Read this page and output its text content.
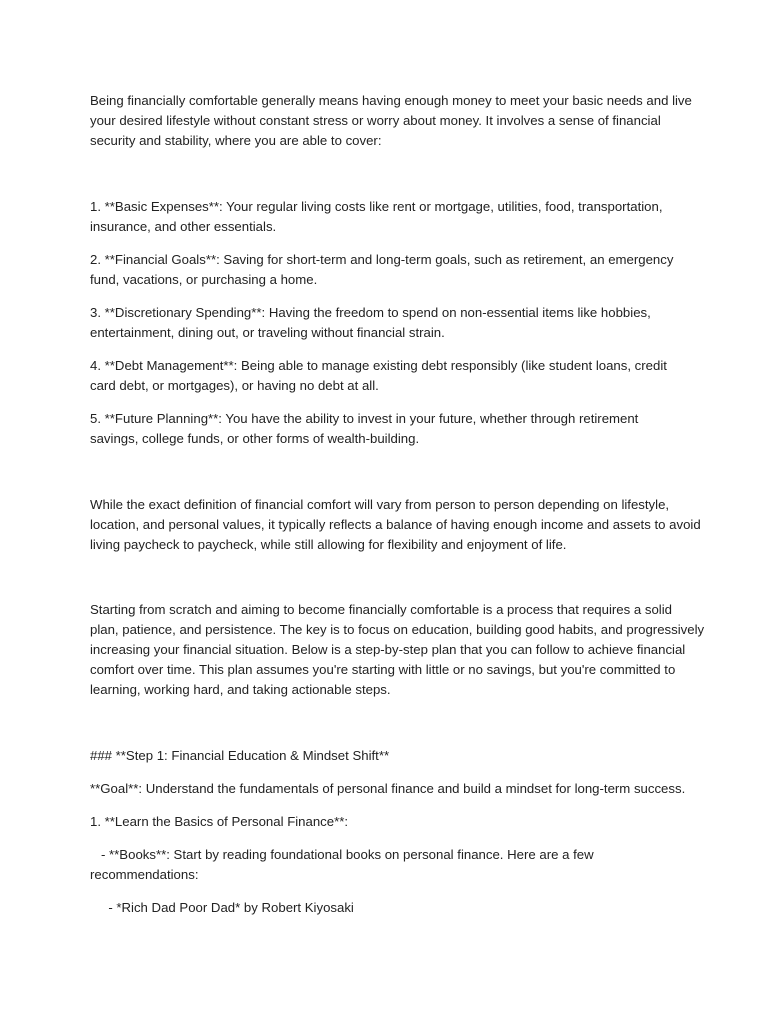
Being financially comfortable generally means having enough money to meet your basic needs and live
your desired lifestyle without constant stress or worry about money. It involves a sense of financial
security and stability, where you are able to cover:
1. **Basic Expenses**: Your regular living costs like rent or mortgage, utilities, food, transportation,
insurance, and other essentials.
2. **Financial Goals**: Saving for short-term and long-term goals, such as retirement, an emergency
fund, vacations, or purchasing a home.
3. **Discretionary Spending**: Having the freedom to spend on non-essential items like hobbies,
entertainment, dining out, or traveling without financial strain.
4. **Debt Management**: Being able to manage existing debt responsibly (like student loans, credit
card debt, or mortgages), or having no debt at all.
5. **Future Planning**: You have the ability to invest in your future, whether through retirement
savings, college funds, or other forms of wealth-building.
While the exact definition of financial comfort will vary from person to person depending on lifestyle,
location, and personal values, it typically reflects a balance of having enough income and assets to avoid
living paycheck to paycheck, while still allowing for flexibility and enjoyment of life.
Starting from scratch and aiming to become financially comfortable is a process that requires a solid
plan, patience, and persistence. The key is to focus on education, building good habits, and progressively
increasing your financial situation. Below is a step-by-step plan that you can follow to achieve financial
comfort over time. This plan assumes you're starting with little or no savings, but you're committed to
learning, working hard, and taking actionable steps.
### **Step 1: Financial Education & Mindset Shift**
**Goal**: Understand the fundamentals of personal finance and build a mindset for long-term success.
1. **Learn the Basics of Personal Finance**:
- **Books**: Start by reading foundational books on personal finance. Here are a few
recommendations:
- *Rich Dad Poor Dad* by Robert Kiyosaki
